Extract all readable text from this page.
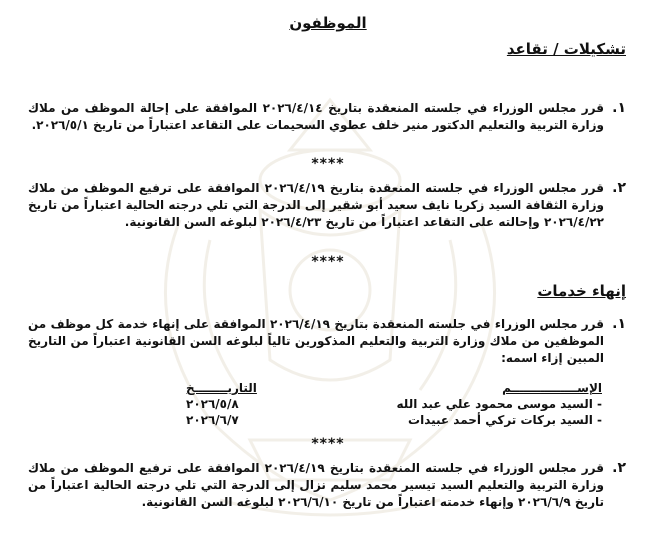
الموظفون
تشكيلات / تقاعد
١.
قرر مجلس الوزراء في جلسته المنعقدة بتاريخ ٢٠٢٦/٤/١٤ الموافقة على إحالة الموظف من ملاك وزارة التربية والتعليم الدكتور منير خلف عطوي السحيمات على التقاعد اعتباراً من تاريخ ٢٠٢٦/٥/١.
****
٢.
قرر مجلس الوزراء في جلسته المنعقدة بتاريخ ٢٠٢٦/٤/١٩ الموافقة على ترفيع الموظف من ملاك وزارة الثقافة السيد زكريا نايف سعيد أبو شقير إلى الدرجة التي تلي درجته الحالية اعتباراً من تاريخ ٢٠٢٦/٤/٢٢ وإحالته على التقاعد اعتباراً من تاريخ ٢٠٢٦/٤/٢٣ لبلوغه السن القانونية.
****
إنهاء خدمات
١.
قرر مجلس الوزراء في جلسته المنعقدة بتاريخ ٢٠٢٦/٤/١٩ الموافقة على إنهاء خدمة كل موظف من الموظفين من ملاك وزارة التربية والتعليم المذكورين تالياً لبلوغه السن القانونية اعتباراً من التاريخ المبين إزاء اسمه:
الإســــــــــــــــم	التاريــــــــخ
- السيد موسى محمود علي عبد الله	٢٠٢٦/٥/٨
- السيد بركات تركي أحمد عبيدات	٢٠٢٦/٦/٧
****
٢.
قرر مجلس الوزراء في جلسته المنعقدة بتاريخ ٢٠٢٦/٤/١٩ الموافقة على ترفيع الموظف من ملاك وزارة التربية والتعليم السيد تيسير محمد سليم نزال إلى الدرجة التي تلي درجته الحالية اعتباراً من تاريخ ٢٠٢٦/٦/٩ وإنهاء خدمته اعتباراً من تاريخ ٢٠٢٦/٦/١٠ لبلوغه السن القانونية.
